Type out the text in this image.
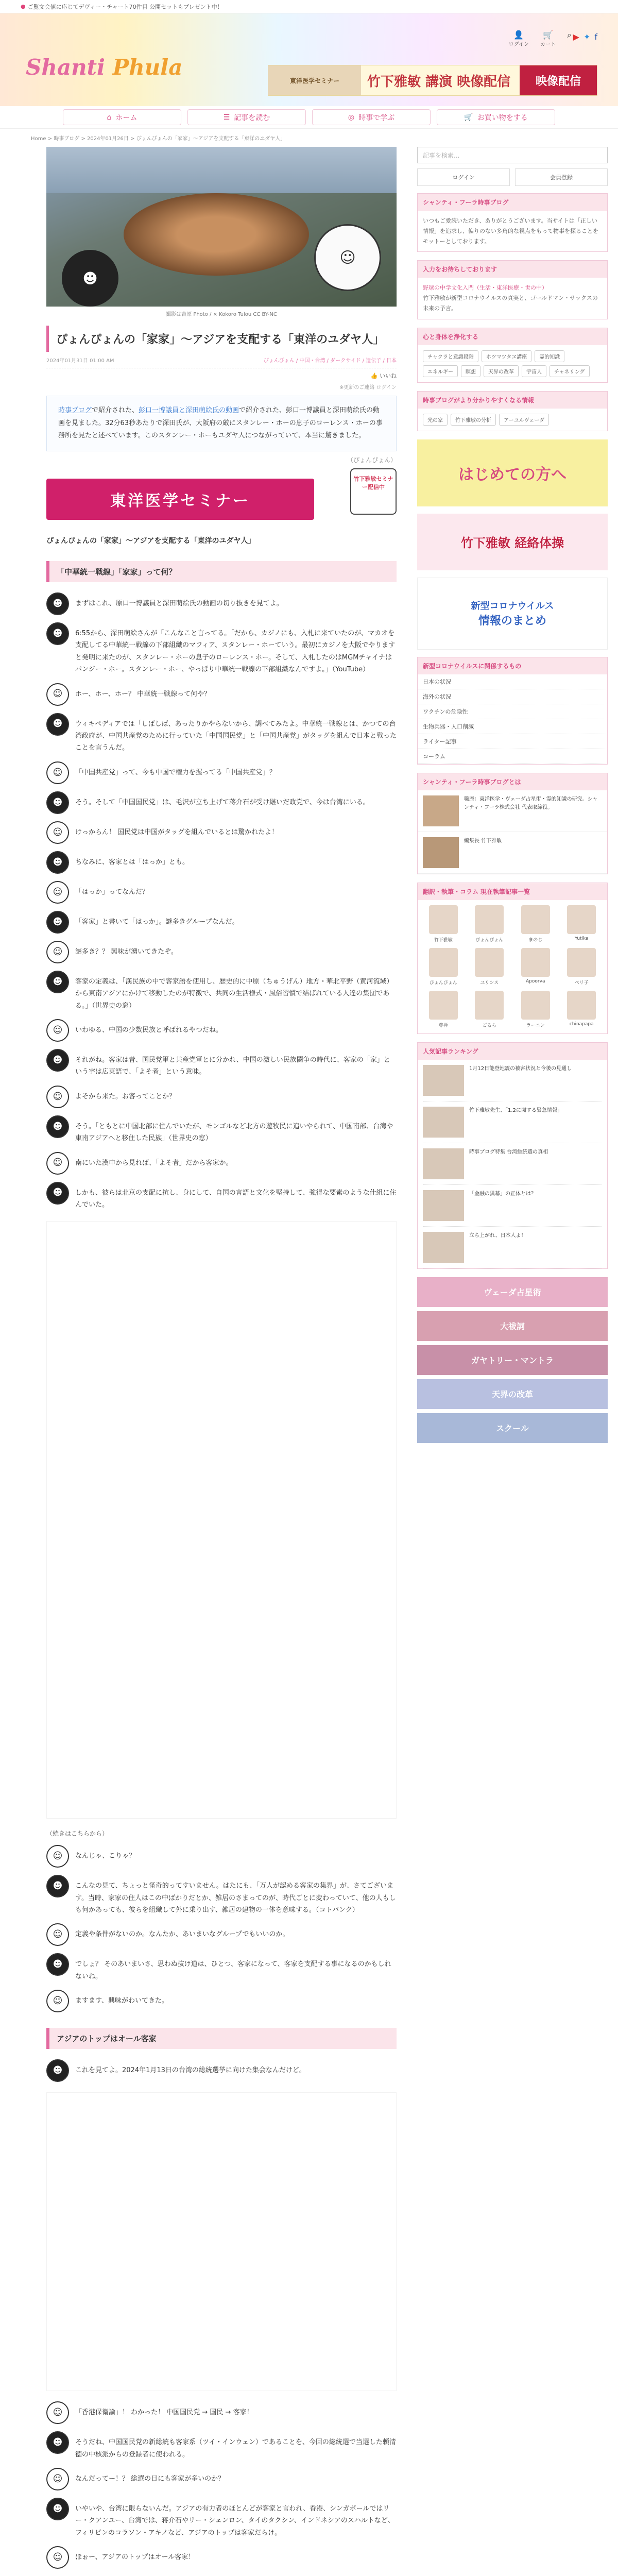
● ご覧文会値に応じてデヴィー・チャート70件目 公開セットもプレゼント中！
Shanti Phula
👤
ログイン
🛒
カート
⌕ ▶ ✦ f
東洋医学セミナー	竹下雅敏 講演 映像配信	映像配信
⌂ ホーム	☰ 記事を読む	◎ 時事で学ぶ	🛒 お買い物をする
Home > 時事ブログ > 2024年01月26日 > ぴょんぴょんの「家家」〜アジアを支配する「東洋のユダヤ人」
☻
☺
撮影は吉原 Photo / × Kokoro Tulou CC BY-NC
ぴょんぴょんの「家家」〜アジアを支配する「東洋のユダヤ人」
2024年01月31日 01:00 AM	ぴょんぴょん / 中国・台湾 / ダークサイド / 遺伝子 / 日本
👍 いいね
※更新のご連絡 ログイン
時事ブログで紹介された、彭口一博議員と深田萌絵氏の動画で紹介された、彭口一博議員と深田萌絵氏の動画を見ました。32分63秒あたりで深田氏が、大阪府の厳にスタンレー・ホーの息子のローレンス・ホーの事務所を見たと述べています。このスタンレー・ホーもユダヤ人につながっていて、本当に驚きました。
（ぴょんぴょん）
竹下雅敏セミナー配信中
東洋医学セミナー
ぴょんぴょんの「家家」〜アジアを支配する「東洋のユダヤ人」
「中華統一戦線」「家家」って何？
☻	まずはこれ、原口一博議員と深田萌絵氏の動画の切り抜きを見てよ。
☻	6:55から、深田萌絵さんが「こんなこと言ってる。「だから、カジノにも、入札に来ていたのが、マカオを支配してる中華統一戦線の下部組織のマフィア、スタンレー・ホーていう。最初にカジノを大阪でやりますと発明に来たのが、スタンレー・ホーの息子のローレンス・ホー。そして、入札したのはMGMチャイナはパンジー・ホー。スタンレー・ホー、やっぱり中華統一戦線の下部組織なんですよ。」（YouTube）
☺	ホー、ホー、ホー？ 中華統一戦線って何や？
☻	ウィキペディアでは「しばしば、あったりかやらないから、調べてみたよ。中華統一戦線とは、かつての台湾政府が、中国共産党のために行っていた「中国国民党」と「中国共産党」がタッグを組んで日本と戦ったことを言うんだ。
☺	「中国共産党」って、今も中国で権力を握ってる「中国共産党」？
☻	そう。そして「中国国民党」は、毛沢が立ち上げて蒋介石が受け継いだ政党で、今は台湾にいる。
☺	けっからん！ 国民党は中国がタッグを組んでいるとは驚かれたよ！
☻	ちなみに、客家とは「はっか」とも。
☺	「はっか」ってなんだ？
☻	「客家」と書いて「はっか」。謎多きグループなんだ。
☺	謎多き？？ 興味が湧いてきたぞ。
☻	客家の定義は、「漢民族の中で客家語を使用し、歴史的に中原（ちゅうげん）地方・華北平野（黄河流域）から東南アジアにかけて移動したのが特徴で、共同の生活様式・風俗習慣で結ばれている人達の集団である。」（世界史の窓）
☺	いわゆる、中国の少数民族と呼ばれるやつだね。
☻	それがね。客家は昔、国民党軍と共産党軍とに分かれ、中国の激しい民族闘争の時代に、客家の「家」という字は広東語で、「よそ者」という意味。
☺	よそから来た。お客ってことか？
☻	そう。「ともとに中国北部に住んでいたが、モンゴルなど北方の遊牧民に追いやられて、中国南部、台湾や東南アジアへと移住した民族」（世界史の窓）
☺	南にいた漢申から見れば、「よそ者」だから客家か。
☻	しかも、彼らは北京の支配に抗し、身にして、自国の言語と文化を堅持して、強得な要素のような仕組に住んでいた。
（続きはこちらから）
☺	なんじゃ、こりゃ？
☻	こんなの見て、ちょっと怪奇的ってすいません。はたにも、「万人が認める客家の集界」が、さてございます。当時、家家の住人はこの中ばかりだとか、雑居のさまってのが、時代ごとに変わっていて、他の人もしも何かあっても、彼らを組織して外に乗り出す、雑居の建物の一体を意味する。（コトバンク）
☺	定義や条件がないのか。なんたか、あいまいなグループでもいいのか。
☻	でしょ？ そのあいまいさ、思わぬ抜け道は、ひとつ、客家になって、客家を支配する事になるのかもしれないね。
☺	ますます、興味がわいてきた。
アジアのトップはオール客家
☻	これを見てよ。2024年1月13日の台湾の総統選挙に向けた集会なんだけど。
☺	「香港保衛論」！ わかった！ 中国国民党 → 国民 → 客家！
☻	そうだね、中国国民党の新総統も客家系（ツイ・インウェン）であることを、今回の総統選で当選した頼清徳の中核派からの登録者に使われる。
☺	なんだってー！？ 総選の日にも客家が多いのか？
☻	いやいや、台湾に限らないんだ。アジアの有力者のほとんどが客家と言われ、香港、シンガポールではリー・クアンユー、台湾では、蒋介石やリー・シェンロン、タイのタクシン、インドネシアのスハルトなど、フィリピンのコラソン・アキノなど、アジアのトップは客家だらけ。
☺	ほぉー、アジアのトップはオール客家！
記事を検索...
ログイン	会員登録
シャンティ・フーラ時事ブログ
いつもご愛読いただき、ありがとうございます。当サイトは「正しい情報」を追求し、偏りのない多角的な視点をもって物事を探ることをモットーとしております。
入力をお待ちしております
野球の中学文化入門（生活・東洋医療・世の中）
竹下雅敏が新型コロナウイルスの真実と、ゴールドマン・サックスの未来の予言。
心と身体を浄化する
チャクラと意識段階	ホツマツタヱ講座	霊的知識
エネルギー	瞑想	天界の改革	宇宙人	チャネリング
時事ブログがより分かりやすくなる情報
光の家	竹下雅敏の分析	アーユルヴェーダ
はじめての方へ
竹下雅敏 経絡体操
新型コロナウイルス
情報のまとめ
新型コロナウイルスに関係するもの
日本の状況
海外の状況
ワクチンの危険性
生物兵器・人口削減
ライター記事
コーラム
シャンティ・フーラ時事ブログとは
職歴：東洋医学・ヴェーダ占星術・霊的知識の研究。シャンティ・フーラ株式会社 代表取締役。
編集長 竹下雅敏
翻訳・執筆・コラム 現在執筆記事一覧
竹下雅敏	ぴょんぴょん	まのじ	Yutika
ぴょんぴょん	ユリシス	Apoorva	ペリ子
尊禅	ごるら	ラーニン	chinapapa
人気記事ランキング
1月12日能登地震の被害状況と今後の見通し
竹下雅敏先生、「1.2に関する緊急情報」
時事ブログ特集 台湾総統選の真相
「金融の黒幕」の正体とは？
立ち上がれ、日本人よ！
ヴェーダ占星術
大祓詞
ガヤトリー・マントラ
天界の改革
スクール
